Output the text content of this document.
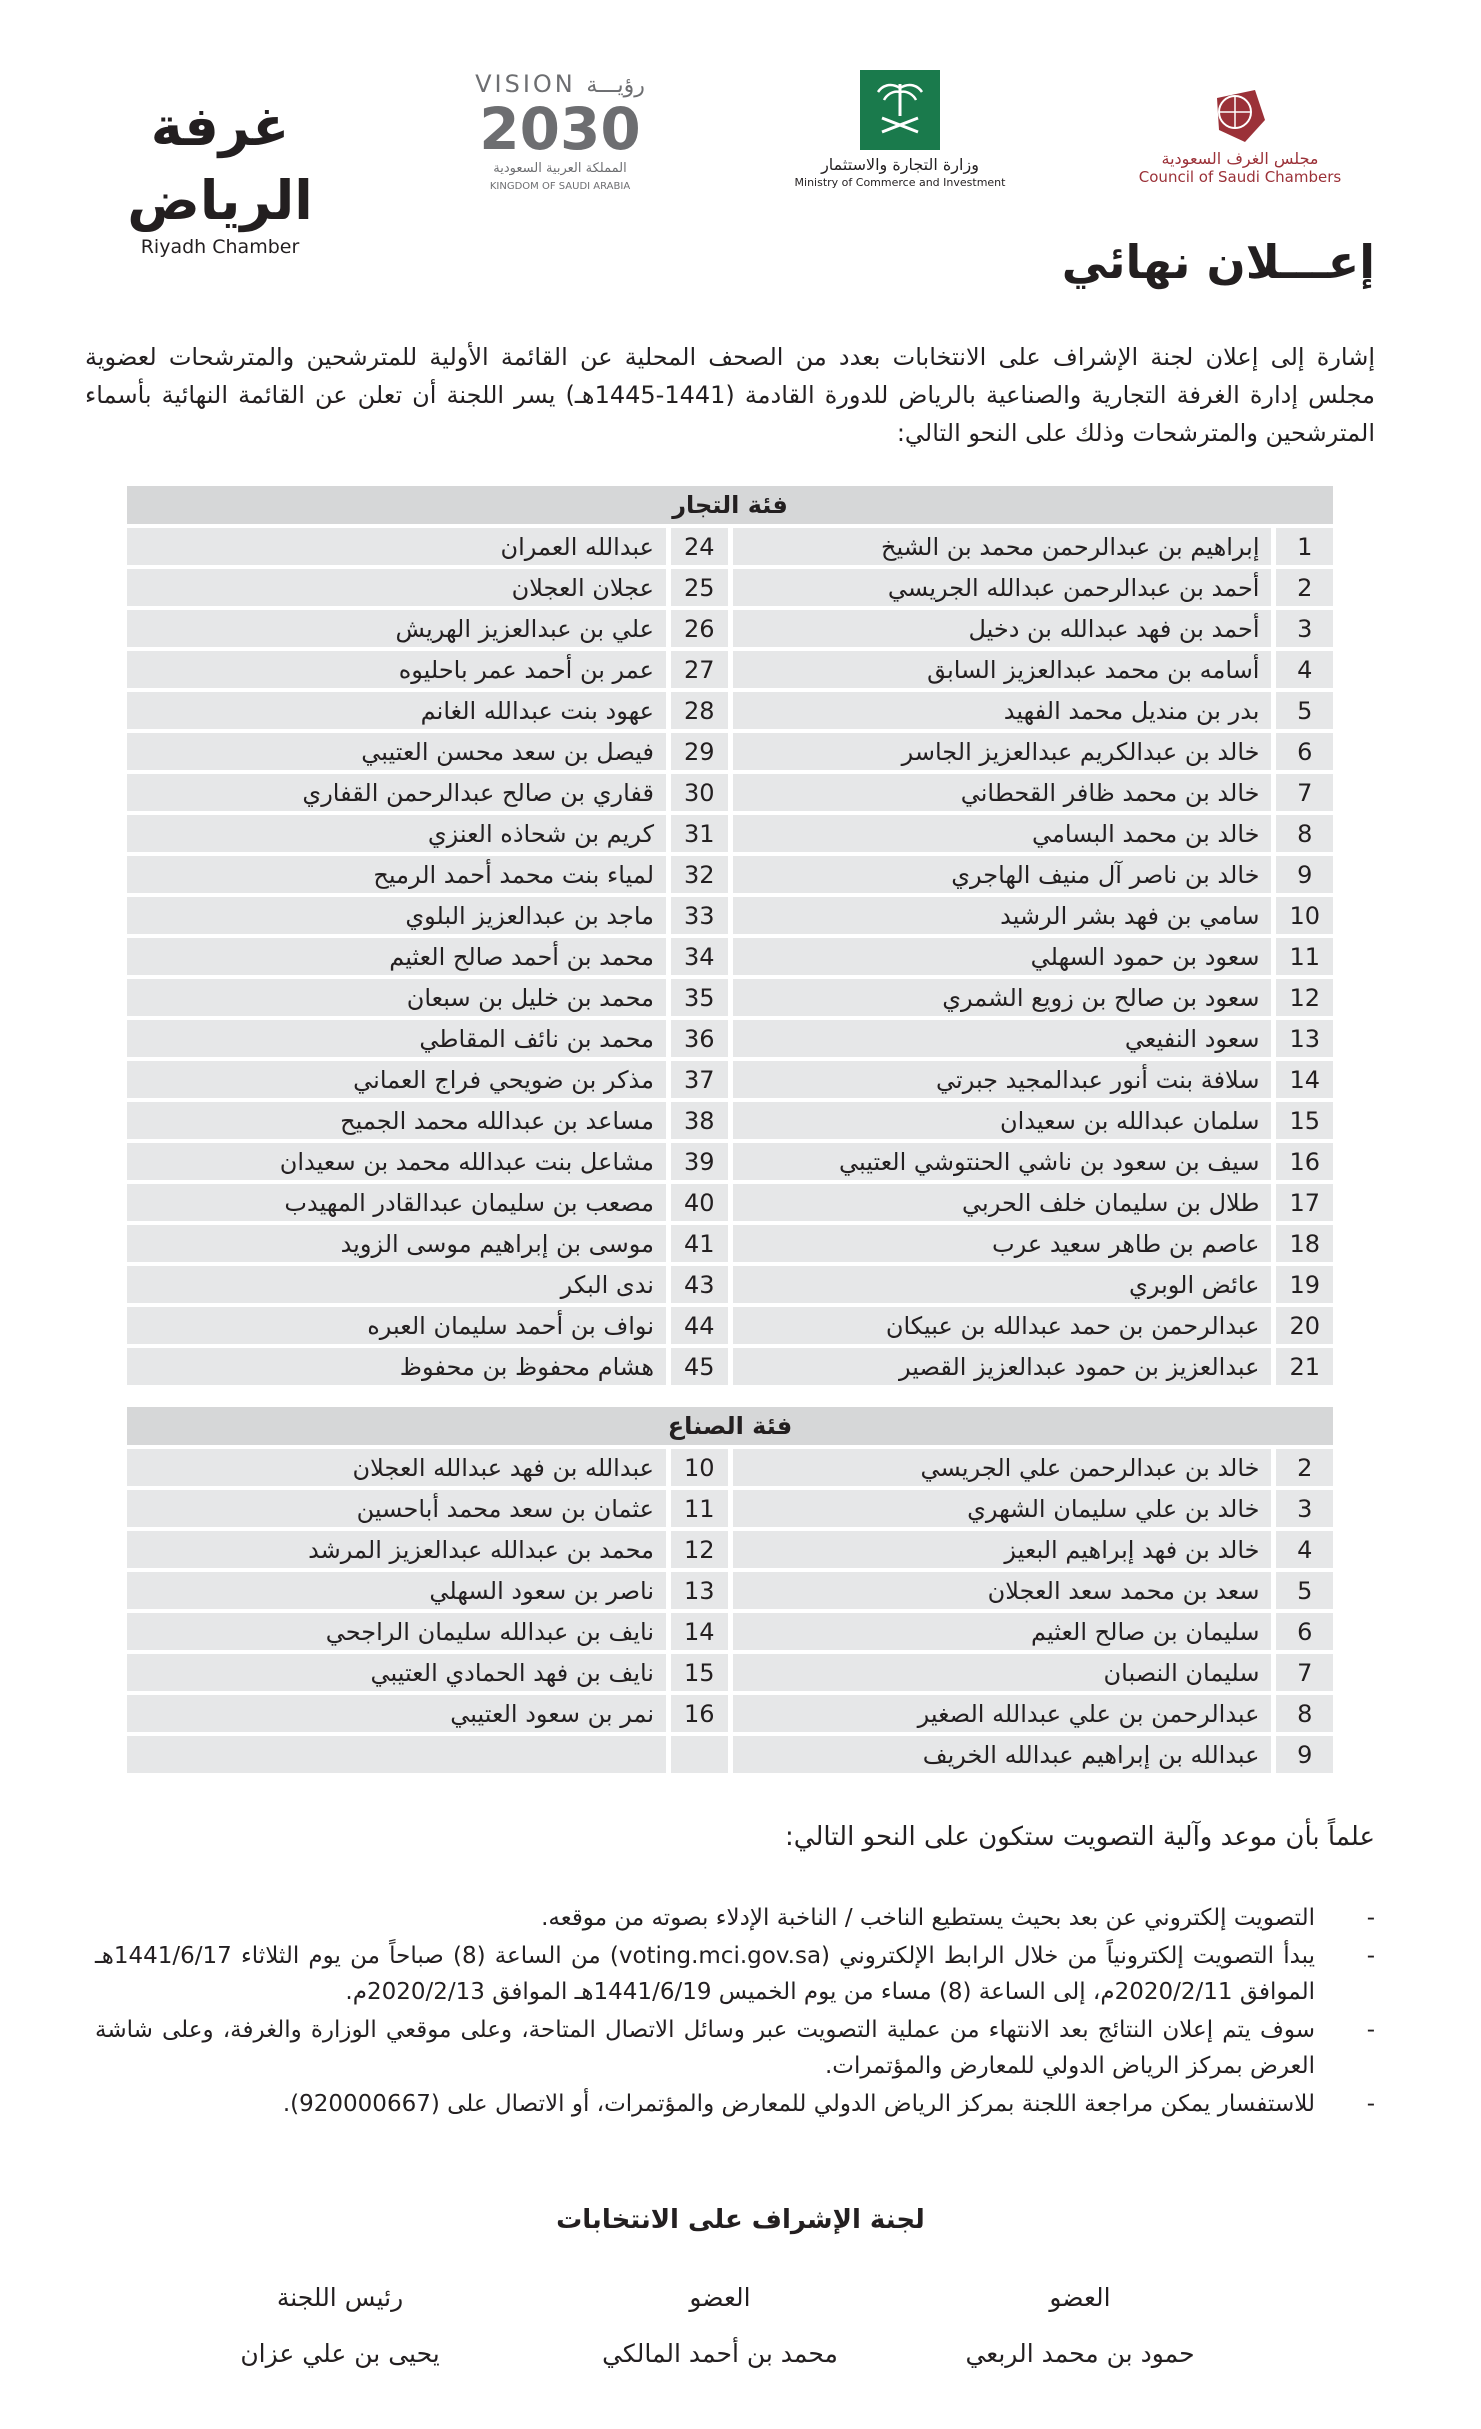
مجلس الغرف السعودية
Council of Saudi Chambers
وزارة التجارة والاستثمار
Ministry of Commerce and Investment
VISION رؤيـــة
2030
المملكة العربية السعودية
KINGDOM OF SAUDI ARABIA
غرفة الرياض
Riyadh Chamber	إعـــلان نهائي
إشارة إلى إعلان لجنة الإشراف على الانتخابات بعدد من الصحف المحلية عن القائمة الأولية للمترشحين والمترشحات لعضوية مجلس إدارة الغرفة التجارية والصناعية بالرياض للدورة القادمة (1441-1445هـ) يسر اللجنة أن تعلن عن القائمة النهائية بأسماء المترشحين والمترشحات وذلك على النحو التالي:
فئة التجار			
1	إبراهيم بن عبدالرحمن محمد بن الشيخ	24	عبدالله العمران
2	أحمد بن عبدالرحمن عبدالله الجريسي	25	عجلان العجلان
3	أحمد بن فهد عبدالله بن دخيل	26	علي بن عبدالعزيز الهريش
4	أسامه بن محمد عبدالعزيز السابق	27	عمر بن أحمد عمر باحليوه
5	بدر بن منديل محمد الفهيد	28	عهود بنت عبدالله الغانم
6	خالد بن عبدالكريم عبدالعزيز الجاسر	29	فيصل بن سعد محسن العتيبي
7	خالد بن محمد ظافر القحطاني	30	قفاري بن صالح عبدالرحمن القفاري
8	خالد بن محمد البسامي	31	كريم بن شحاذه العنزي
9	خالد بن ناصر آل منيف الهاجري	32	لمياء بنت محمد أحمد الرميح
10	سامي بن فهد بشر الرشيد	33	ماجد بن عبدالعزيز البلوي
11	سعود بن حمود السهلي	34	محمد بن أحمد صالح العثيم
12	سعود بن صالح بن زويع الشمري	35	محمد بن خليل بن سبعان
13	سعود النفيعي	36	محمد بن نائف المقاطي
14	سلافة بنت أنور عبدالمجيد جبرتي	37	مذكر بن ضويحي فراج العماني
15	سلمان عبدالله بن سعيدان	38	مساعد بن عبدالله محمد الجميح
16	سيف بن سعود بن ناشي الحنتوشي العتيبي	39	مشاعل بنت عبدالله محمد بن سعيدان
17	طلال بن سليمان خلف الحربي	40	مصعب بن سليمان عبدالقادر المهيدب
18	عاصم بن طاهر سعيد عرب	41	موسى بن إبراهيم موسى الزويد
19	عائض الوبري	43	ندى البكر
20	عبدالرحمن بن حمد عبدالله بن عبيكان	44	نواف بن أحمد سليمان العبره
21	عبدالعزيز بن حمود عبدالعزيز القصير	45	هشام محفوظ بن محفوظ
فئة الصناع			
2	خالد بن عبدالرحمن علي الجريسي	10	عبدالله بن فهد عبدالله العجلان
3	خالد بن علي سليمان الشهري	11	عثمان بن سعد محمد أباحسين
4	خالد بن فهد إبراهيم البعيز	12	محمد بن عبدالله عبدالعزيز المرشد
5	سعد بن محمد سعد العجلان	13	ناصر بن سعود السهلي
6	سليمان بن صالح العثيم	14	نايف بن عبدالله سليمان الراجحي
7	سليمان النصبان	15	نايف بن فهد الحمادي العتيبي
8	عبدالرحمن بن علي عبدالله الصغير	16	نمر بن سعود العتيبي
9	عبدالله بن إبراهيم عبدالله الخريف		
علماً بأن موعد وآلية التصويت ستكون على النحو التالي:
-
التصويت إلكتروني عن بعد بحيث يستطيع الناخب / الناخبة الإدلاء بصوته من موقعه.
-
يبدأ التصويت إلكترونياً من خلال الرابط الإلكتروني (voting.mci.gov.sa) من الساعة (8) صباحاً من يوم الثلاثاء 1441/6/17هـ الموافق 2020/2/11م، إلى الساعة (8) مساء من يوم الخميس 1441/6/19هـ الموافق 2020/2/13م.
-
سوف يتم إعلان النتائج بعد الانتهاء من عملية التصويت عبر وسائل الاتصال المتاحة، وعلى موقعي الوزارة والغرفة، وعلى شاشة العرض بمركز الرياض الدولي للمعارض والمؤتمرات.
-
للاستفسار يمكن مراجعة اللجنة بمركز الرياض الدولي للمعارض والمؤتمرات، أو الاتصال على (920000667).
لجنة الإشراف على الانتخابات
العضو
حمود بن محمد الربعي
العضو
محمد بن أحمد المالكي
رئيس اللجنة
يحيى بن علي عزان
